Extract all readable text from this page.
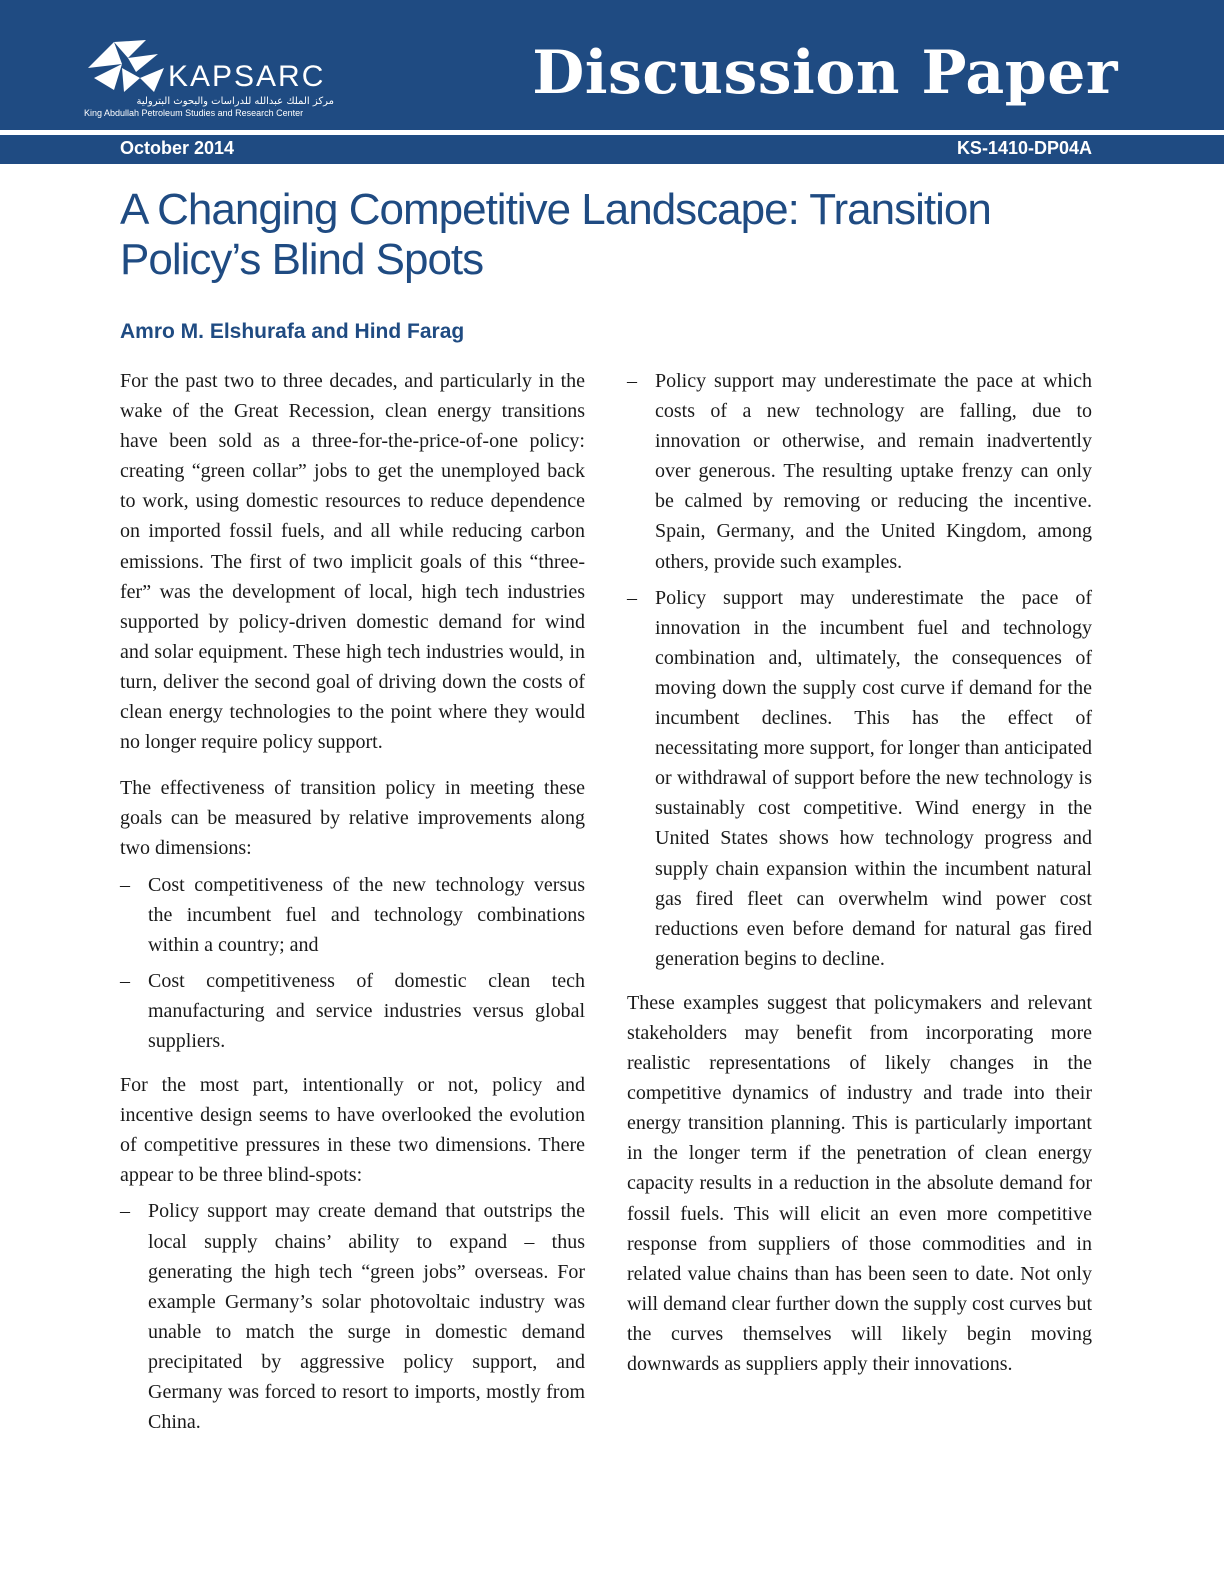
KAPSARC
مركز الملك عبدالله للدراسات والبحوث البترولية
King Abdullah Petroleum Studies and Research Center
Discussion Paper
October 2014	KS-1410-DP04A
A Changing Competitive Landscape: Transition Policy’s Blind Spots
Amro M. Elshurafa and Hind Farag

For the past two to three decades, and particularly in the wake of the Great Recession, clean energy transitions have been sold as a three-for-the-price-of-one policy: creating “green collar” jobs to get the unemployed back to work, using domestic resources to reduce dependence on imported fossil fuels, and all while reducing carbon emissions. The first of two implicit goals of this “three-fer” was the development of local, high tech industries supported by policy-driven domestic demand for wind and solar equipment. These high tech industries would, in turn, deliver the second goal of driving down the costs of clean energy technologies to the point where they would no longer require policy support.

The effectiveness of transition policy in meeting these goals can be measured by relative improvements along two dimensions:

– Cost competitiveness of the new technology versus the incumbent fuel and technology combinations within a country; and
– Cost competitiveness of domestic clean tech manufacturing and service industries versus global suppliers.

For the most part, intentionally or not, policy and incentive design seems to have overlooked the evolution of competitive pressures in these two dimensions. There appear to be three blind-spots:

– Policy support may create demand that outstrips the local supply chains’ ability to expand – thus generating the high tech “green jobs” overseas. For example Germany’s solar photovoltaic industry was unable to match the surge in domestic demand precipitated by aggressive policy support, and Germany was forced to resort to imports, mostly from China.
– Policy support may underestimate the pace at which costs of a new technology are falling, due to innovation or otherwise, and remain inadvertently over generous. The resulting uptake frenzy can only be calmed by removing or reducing the incentive. Spain, Germany, and the United Kingdom, among others, provide such examples.
– Policy support may underestimate the pace of innovation in the incumbent fuel and technology combination and, ultimately, the consequences of moving down the supply cost curve if demand for the incumbent declines. This has the effect of necessitating more support, for longer than anticipated or withdrawal of support before the new technology is sustainably cost competitive. Wind energy in the United States shows how technology progress and supply chain expansion within the incumbent natural gas fired fleet can overwhelm wind power cost reductions even before demand for natural gas fired generation begins to decline.

These examples suggest that policymakers and relevant stakeholders may benefit from incorporating more realistic representations of likely changes in the competitive dynamics of industry and trade into their energy transition planning. This is particularly important in the longer term if the penetration of clean energy capacity results in a reduction in the absolute demand for fossil fuels. This will elicit an even more competitive response from suppliers of those commodities and in related value chains than has been seen to date. Not only will demand clear further down the supply cost curves but the curves themselves will likely begin moving downwards as suppliers apply their innovations.
